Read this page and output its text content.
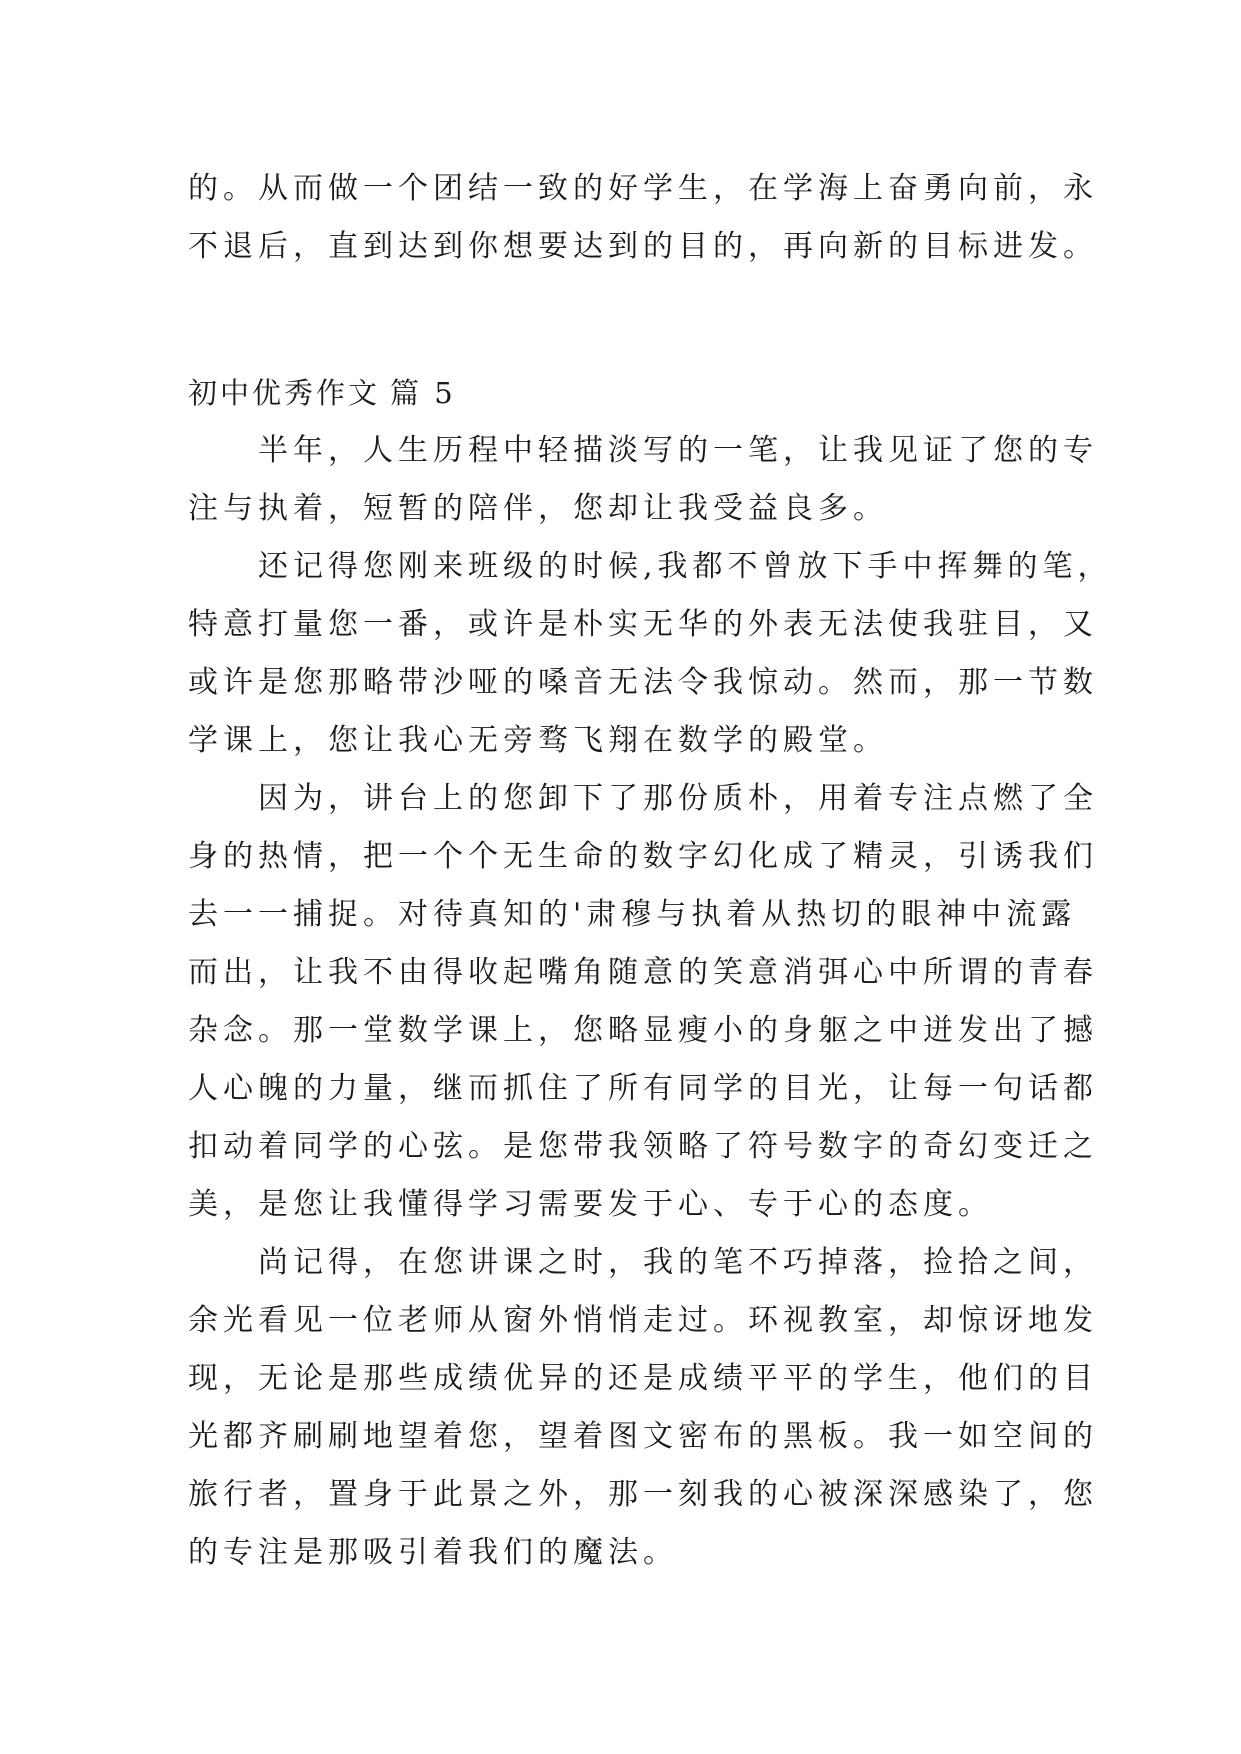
的。从而做一个团结一致的好学生，在学海上奋勇向前，永
不退后，直到达到你想要达到的目的，再向新的目标进发。
初中优秀作文 篇 5
半年，人生历程中轻描淡写的一笔，让我见证了您的专
注与执着，短暂的陪伴，您却让我受益良多。
还记得您刚来班级的时候,我都不曾放下手中挥舞的笔，
特意打量您一番，或许是朴实无华的外表无法使我驻目，又
或许是您那略带沙哑的嗓音无法令我惊动。然而，那一节数
学课上，您让我心无旁骛飞翔在数学的殿堂。
因为，讲台上的您卸下了那份质朴，用着专注点燃了全
身的热情，把一个个无生命的数字幻化成了精灵，引诱我们
去一一捕捉。对待真知的'肃穆与执着从热切的眼神中流露
而出，让我不由得收起嘴角随意的笑意消弭心中所谓的青春
杂念。那一堂数学课上，您略显瘦小的身躯之中迸发出了撼
人心魄的力量，继而抓住了所有同学的目光，让每一句话都
扣动着同学的心弦。是您带我领略了符号数字的奇幻变迁之
美，是您让我懂得学习需要发于心、专于心的态度。
尚记得，在您讲课之时，我的笔不巧掉落，捡拾之间，
余光看见一位老师从窗外悄悄走过。环视教室，却惊讶地发
现，无论是那些成绩优异的还是成绩平平的学生，他们的目
光都齐刷刷地望着您，望着图文密布的黑板。我一如空间的
旅行者，置身于此景之外，那一刻我的心被深深感染了，您
的专注是那吸引着我们的魔法。
